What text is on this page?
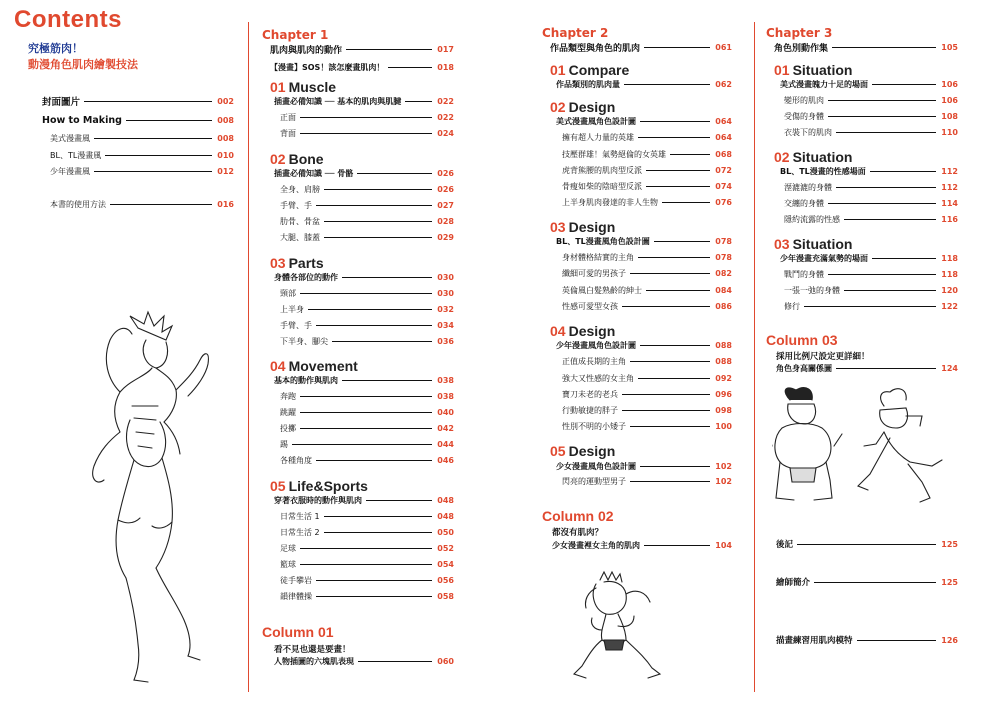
Contents
究極筋肉！
動漫角色肌肉繪製技法
封面圖片	002
How to Making	008
美式漫畫風	008
BL、TL漫畫風	010
少年漫畫風	012
本書的使用方法	016
Chapter 1
肌肉與肌肉的動作	017
【漫畫】SOS！該怎麼畫肌肉！	018
01 Muscle
插畫必備知識 ── 基本的肌肉與肌腱	022
正面	022
背面	024
02 Bone
插畫必備知識 ── 骨骼	026
全身、肩膀	026
手臂、手	027
肋骨、骨盆	028
大腿、膝蓋	029
03 Parts
身體各部位的動作	030
頸部	030
上半身	032
手臂、手	034
下半身、腳尖	036
04 Movement
基本的動作與肌肉	038
奔跑	038
跳躍	040
投擲	042
踢	044
各種角度	046
05 Life&Sports
穿著衣服時的動作與肌肉	048
日常生活 1	048
日常生活 2	050
足球	052
籃球	054
徒手攀岩	056
韻律體操	058
Column 01
看不見也還是要畫！
人物插圖的六塊肌表現	060
Chapter 2
作品類型與角色的肌肉	061
01 Compare
作品類別的肌肉量	062
02 Design
美式漫畫風角色設計圖	064
擁有超人力量的英雄	064
技壓群雄！氣勢絕倫的女英雄	068
虎背熊腰的肌肉型反派	072
骨瘦如柴的陰暗型反派	074
上半身肌肉發達的非人生物	076
03 Design
BL、TL漫畫風角色設計圖	078
身材體格結實的主角	078
纖細可愛的男孩子	082
英倫風白髮熟齡的紳士	084
性感可愛型女孩	086
04 Design
少年漫畫風角色設計圖	088
正值成長期的主角	088
強大又性感的女主角	092
寶刀未老的老兵	096
行動敏捷的胖子	098
性別不明的小矮子	100
05 Design
少女漫畫風角色設計圖	102
閃亮的運動型男子	102
Column 02
都沒有肌肉？
少女漫畫裡女主角的肌肉	104
Chapter 3
角色別動作集	105
01 Situation
美式漫畫魄力十足的場面	106
變形的肌肉	106
受傷的身體	108
衣裝下的肌肉	110
02 Situation
BL、TL漫畫的性感場面	112
溼漉漉的身體	112
交纏的身體	114
隱約流露的性感	116
03 Situation
少年漫畫充滿氣勢的場面	118
戰鬥的身體	118
一張一弛的身體	120
修行	122
Column 03
採用比例尺設定更詳細！
角色身高關係圖	124
後記	125
繪師簡介	125
描畫練習用肌肉模特	126
